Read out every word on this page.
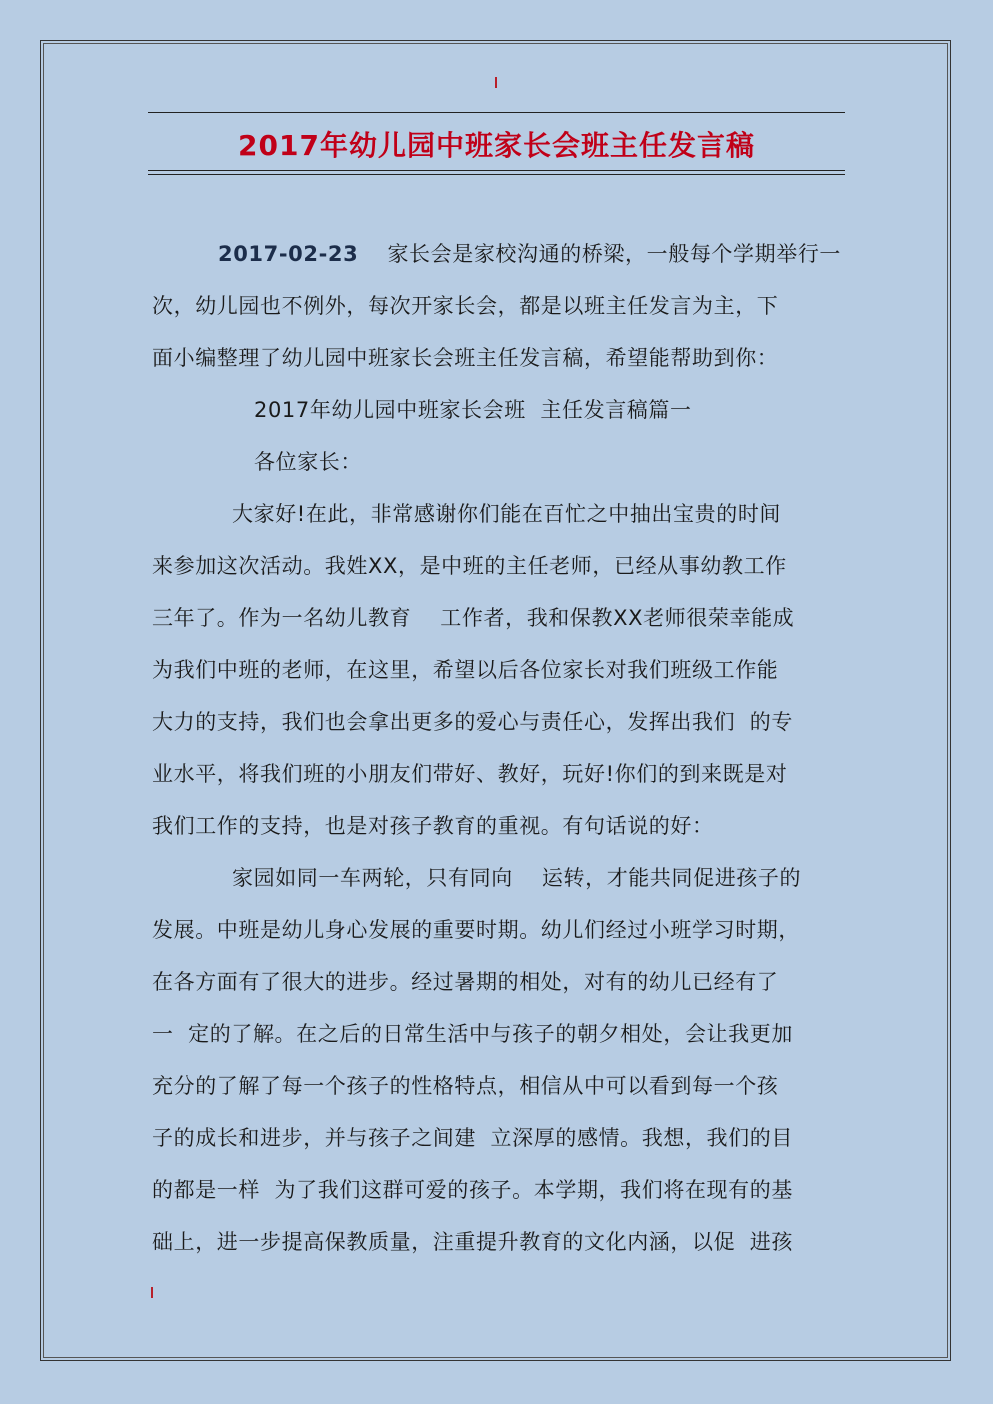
2017年幼儿园中班家长会班主任发言稿
2017-02-23 家长会是家校沟通的桥梁，一般每个学期举行一
次，幼儿园也不例外，每次开家长会，都是以班主任发言为主，下
面小编整理了幼儿园中班家长会班主任发言稿，希望能帮助到你：
2017年幼儿园中班家长会班  主任发言稿篇一
各位家长：
大家好!在此，非常感谢你们能在百忙之中抽出宝贵的时间
来参加这次活动。我姓XX，是中班的主任老师，已经从事幼教工作
三年了。作为一名幼儿教育    工作者，我和保教XX老师很荣幸能成
为我们中班的老师，在这里，希望以后各位家长对我们班级工作能
大力的支持，我们也会拿出更多的爱心与责任心，发挥出我们  的专
业水平，将我们班的小朋友们带好、教好，玩好!你们的到来既是对
我们工作的支持，也是对孩子教育的重视。有句话说的好：
家园如同一车两轮，只有同向    运转，才能共同促进孩子的
发展。中班是幼儿身心发展的重要时期。幼儿们经过小班学习时期，
在各方面有了很大的进步。经过暑期的相处，对有的幼儿已经有了
一  定的了解。在之后的日常生活中与孩子的朝夕相处，会让我更加
充分的了解了每一个孩子的性格特点，相信从中可以看到每一个孩
子的成长和进步，并与孩子之间建  立深厚的感情。我想，我们的目
的都是一样  为了我们这群可爱的孩子。本学期，我们将在现有的基
础上，进一步提高保教质量，注重提升教育的文化内涵，以促  进孩
